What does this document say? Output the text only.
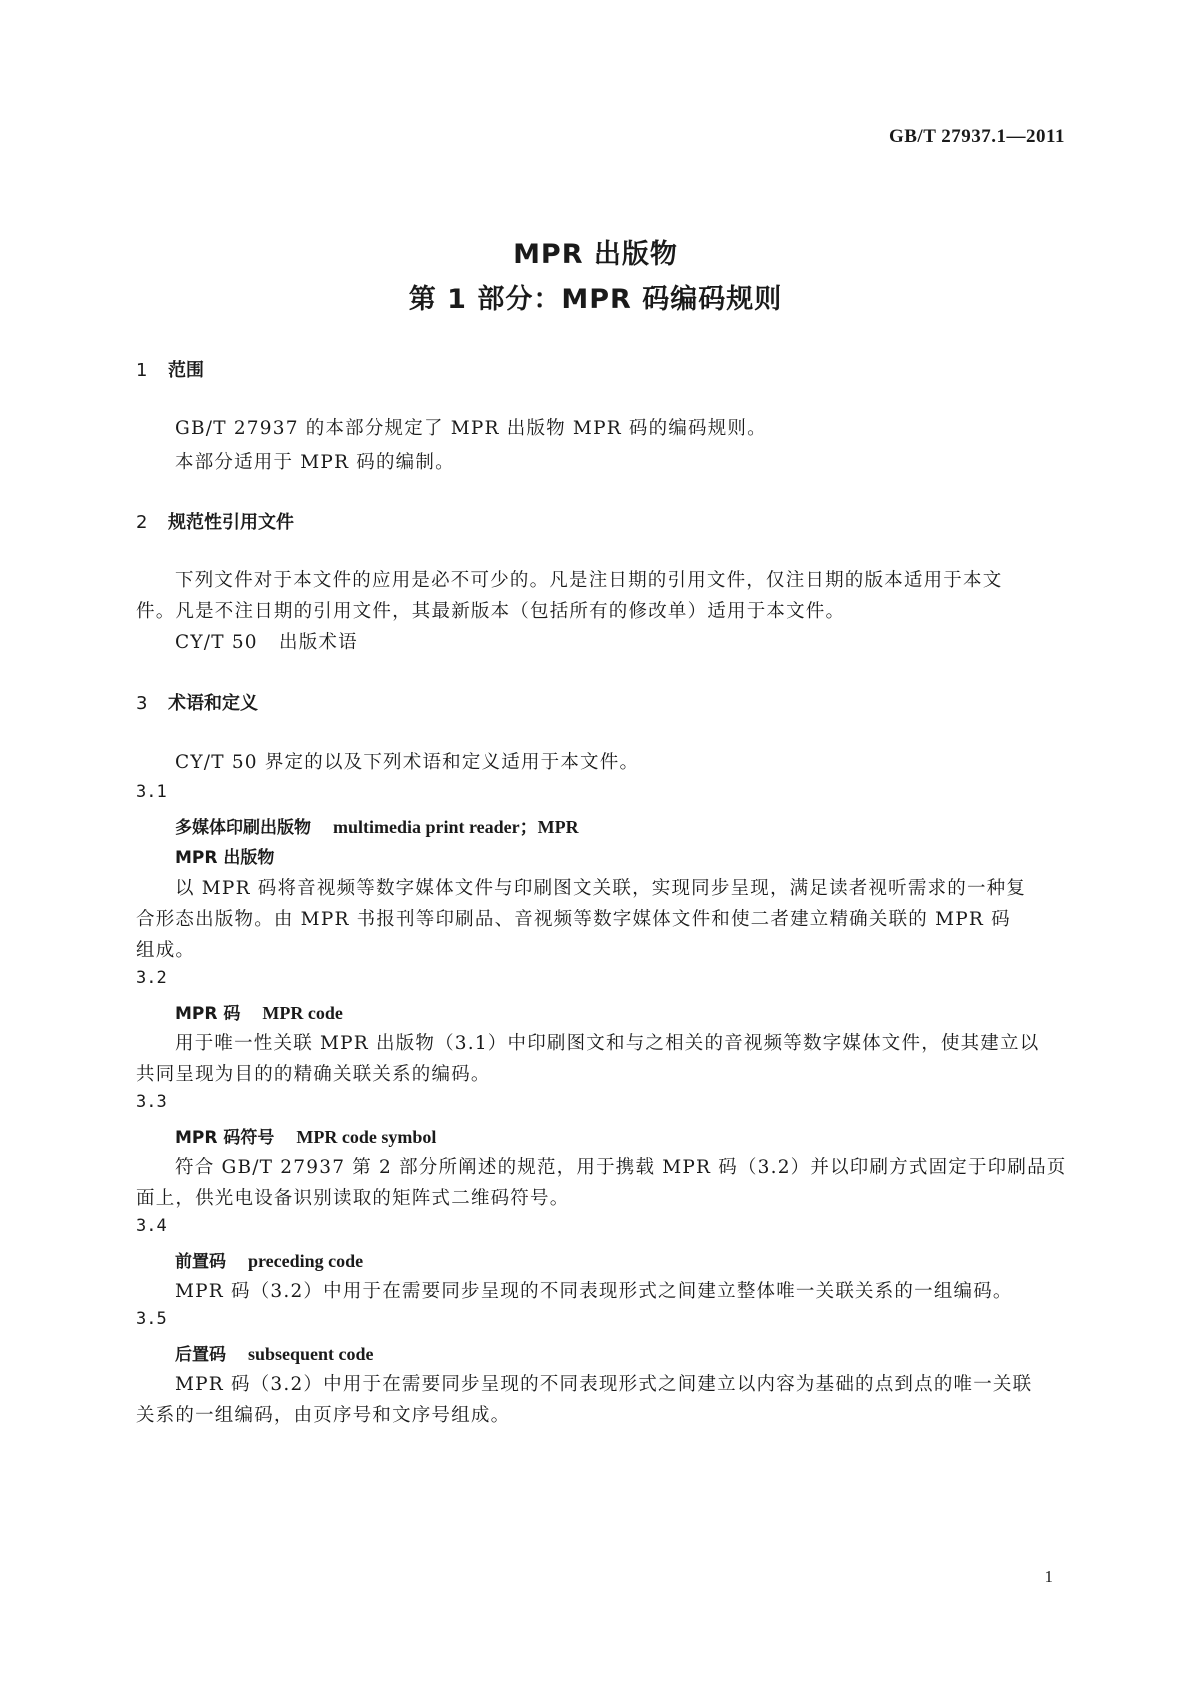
GB/T 27937.1—2011
MPR 出版物
第 1 部分：MPR 码编码规则
1 范围
GB/T 27937 的本部分规定了 MPR 出版物 MPR 码的编码规则。
本部分适用于 MPR 码的编制。
2 规范性引用文件
下列文件对于本文件的应用是必不可少的。凡是注日期的引用文件，仅注日期的版本适用于本文
件。凡是不注日期的引用文件，其最新版本（包括所有的修改单）适用于本文件。
CY/T 50   出版术语
3 术语和定义
CY/T 50 界定的以及下列术语和定义适用于本文件。
3.1
多媒体印刷出版物 multimedia print reader；MPR
MPR 出版物
以 MPR 码将音视频等数字媒体文件与印刷图文关联，实现同步呈现，满足读者视听需求的一种复
合形态出版物。由 MPR 书报刊等印刷品、音视频等数字媒体文件和使二者建立精确关联的 MPR 码
组成。
3.2
MPR 码 MPR code
用于唯一性关联 MPR 出版物（3.1）中印刷图文和与之相关的音视频等数字媒体文件，使其建立以
共同呈现为目的的精确关联关系的编码。
3.3
MPR 码符号 MPR code symbol
符合 GB/T 27937 第 2 部分所阐述的规范，用于携载 MPR 码（3.2）并以印刷方式固定于印刷品页
面上，供光电设备识别读取的矩阵式二维码符号。
3.4
前置码 preceding code
MPR 码（3.2）中用于在需要同步呈现的不同表现形式之间建立整体唯一关联关系的一组编码。
3.5
后置码 subsequent code
MPR 码（3.2）中用于在需要同步呈现的不同表现形式之间建立以内容为基础的点到点的唯一关联
关系的一组编码，由页序号和文序号组成。
1
